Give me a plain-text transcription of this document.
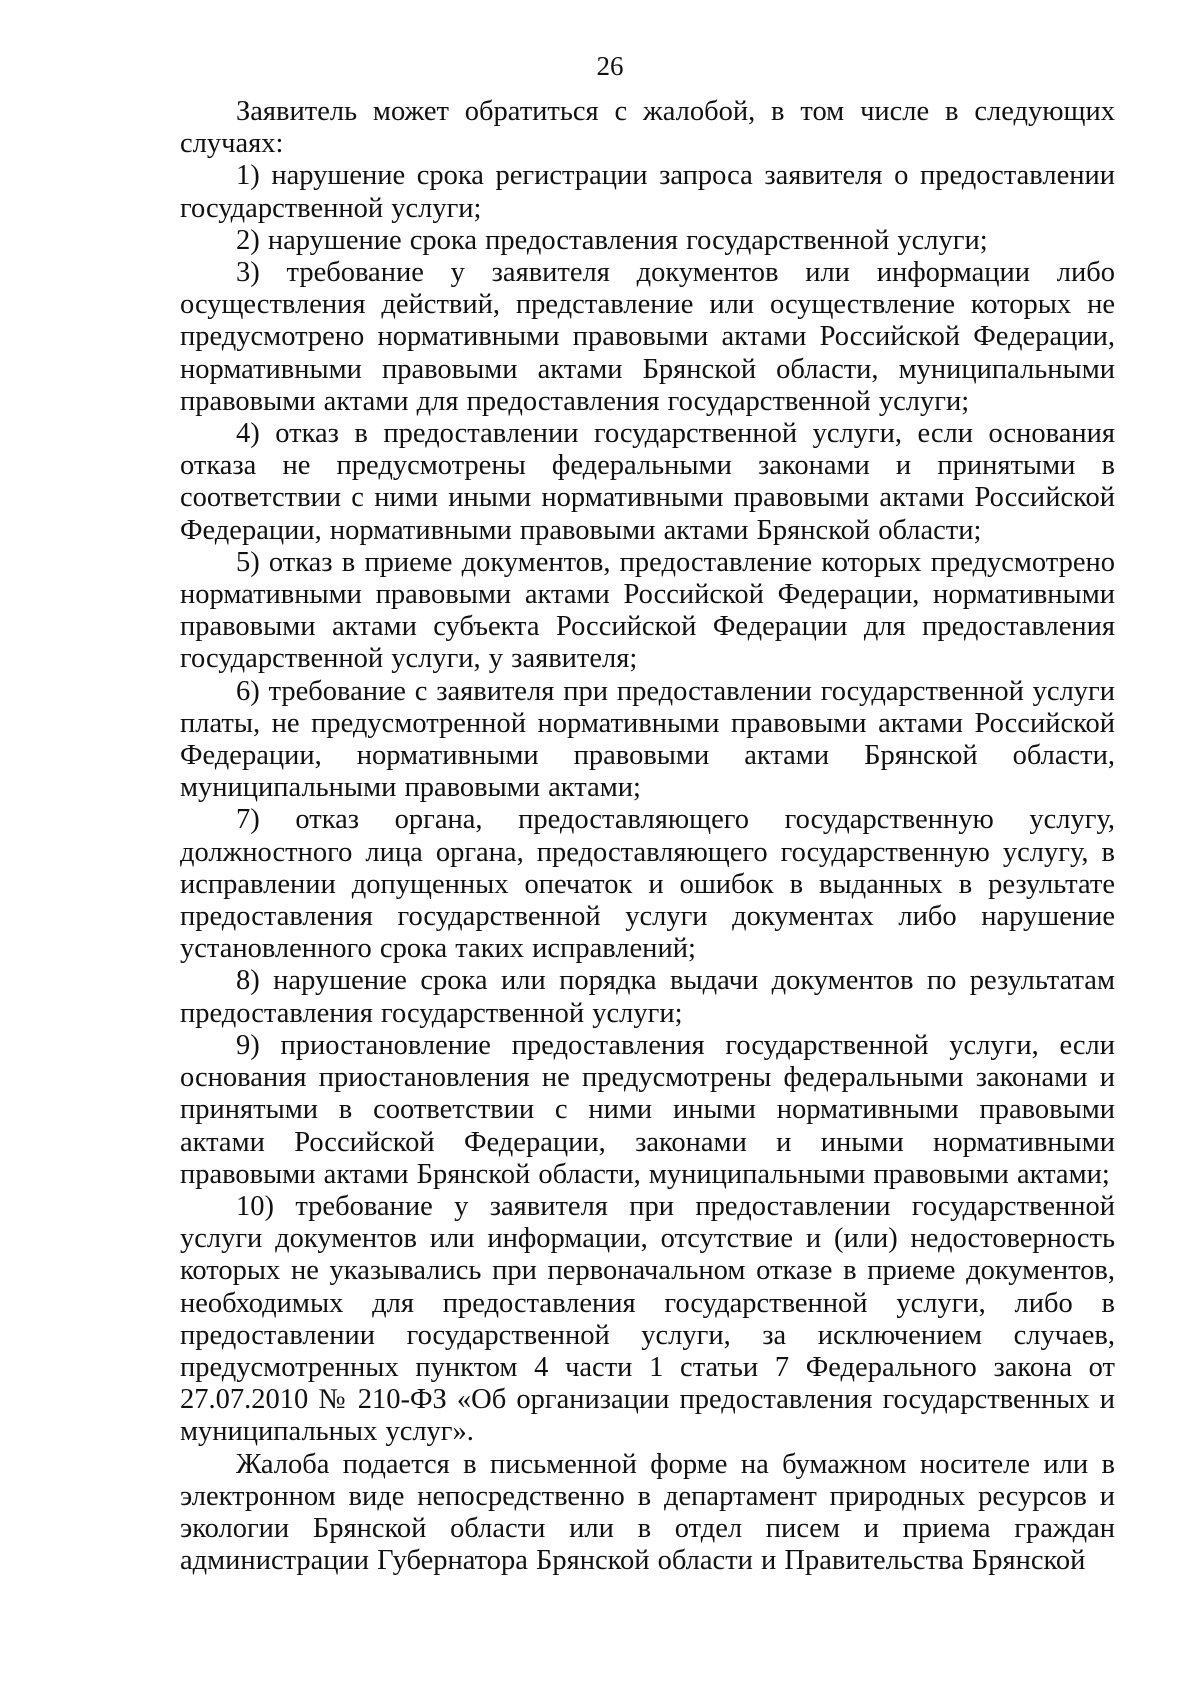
26

Заявитель может обратиться с жалобой, в том числе в следующих случаях:

1) нарушение срока регистрации запроса заявителя о предоставлении государственной услуги;

2) нарушение срока предоставления государственной услуги;

3) требование у заявителя документов или информации либо осуществления действий, представление или осуществление которых не предусмотрено нормативными правовыми актами Российской Федерации, нормативными правовыми актами Брянской области, муниципальными правовыми актами для предоставления государственной услуги;

4) отказ в предоставлении государственной услуги, если основания отказа не предусмотрены федеральными законами и принятыми в соответствии с ними иными нормативными правовыми актами Российской Федерации, нормативными правовыми актами Брянской области;

5) отказ в приеме документов, предоставление которых предусмотрено нормативными правовыми актами Российской Федерации, нормативными правовыми актами субъекта Российской Федерации для предоставления государственной услуги, у заявителя;

6) требование с заявителя при предоставлении государственной услуги платы, не предусмотренной нормативными правовыми актами Российской Федерации, нормативными правовыми актами Брянской области, муниципальными правовыми актами;

7) отказ органа, предоставляющего государственную услугу, должностного лица органа, предоставляющего государственную услугу, в исправлении допущенных опечаток и ошибок в выданных в результате предоставления государственной услуги документах либо нарушение установленного срока таких исправлений;

8) нарушение срока или порядка выдачи документов по результатам предоставления государственной услуги;

9) приостановление предоставления государственной услуги, если основания приостановления не предусмотрены федеральными законами и принятыми в соответствии с ними иными нормативными правовыми актами Российской Федерации, законами и иными нормативными правовыми актами Брянской области, муниципальными правовыми актами;

10) требование у заявителя при предоставлении государственной услуги документов или информации, отсутствие и (или) недостоверность которых не указывались при первоначальном отказе в приеме документов, необходимых для предоставления государственной услуги, либо в предоставлении государственной услуги, за исключением случаев, предусмотренных пунктом 4 части 1 статьи 7 Федерального закона от 27.07.2010 № 210-ФЗ «Об организации предоставления государственных и муниципальных услуг».

Жалоба подается в письменной форме на бумажном носителе или в электронном виде непосредственно в департамент природных ресурсов и экологии Брянской области или в отдел писем и приема граждан администрации Губернатора Брянской области и Правительства Брянской
